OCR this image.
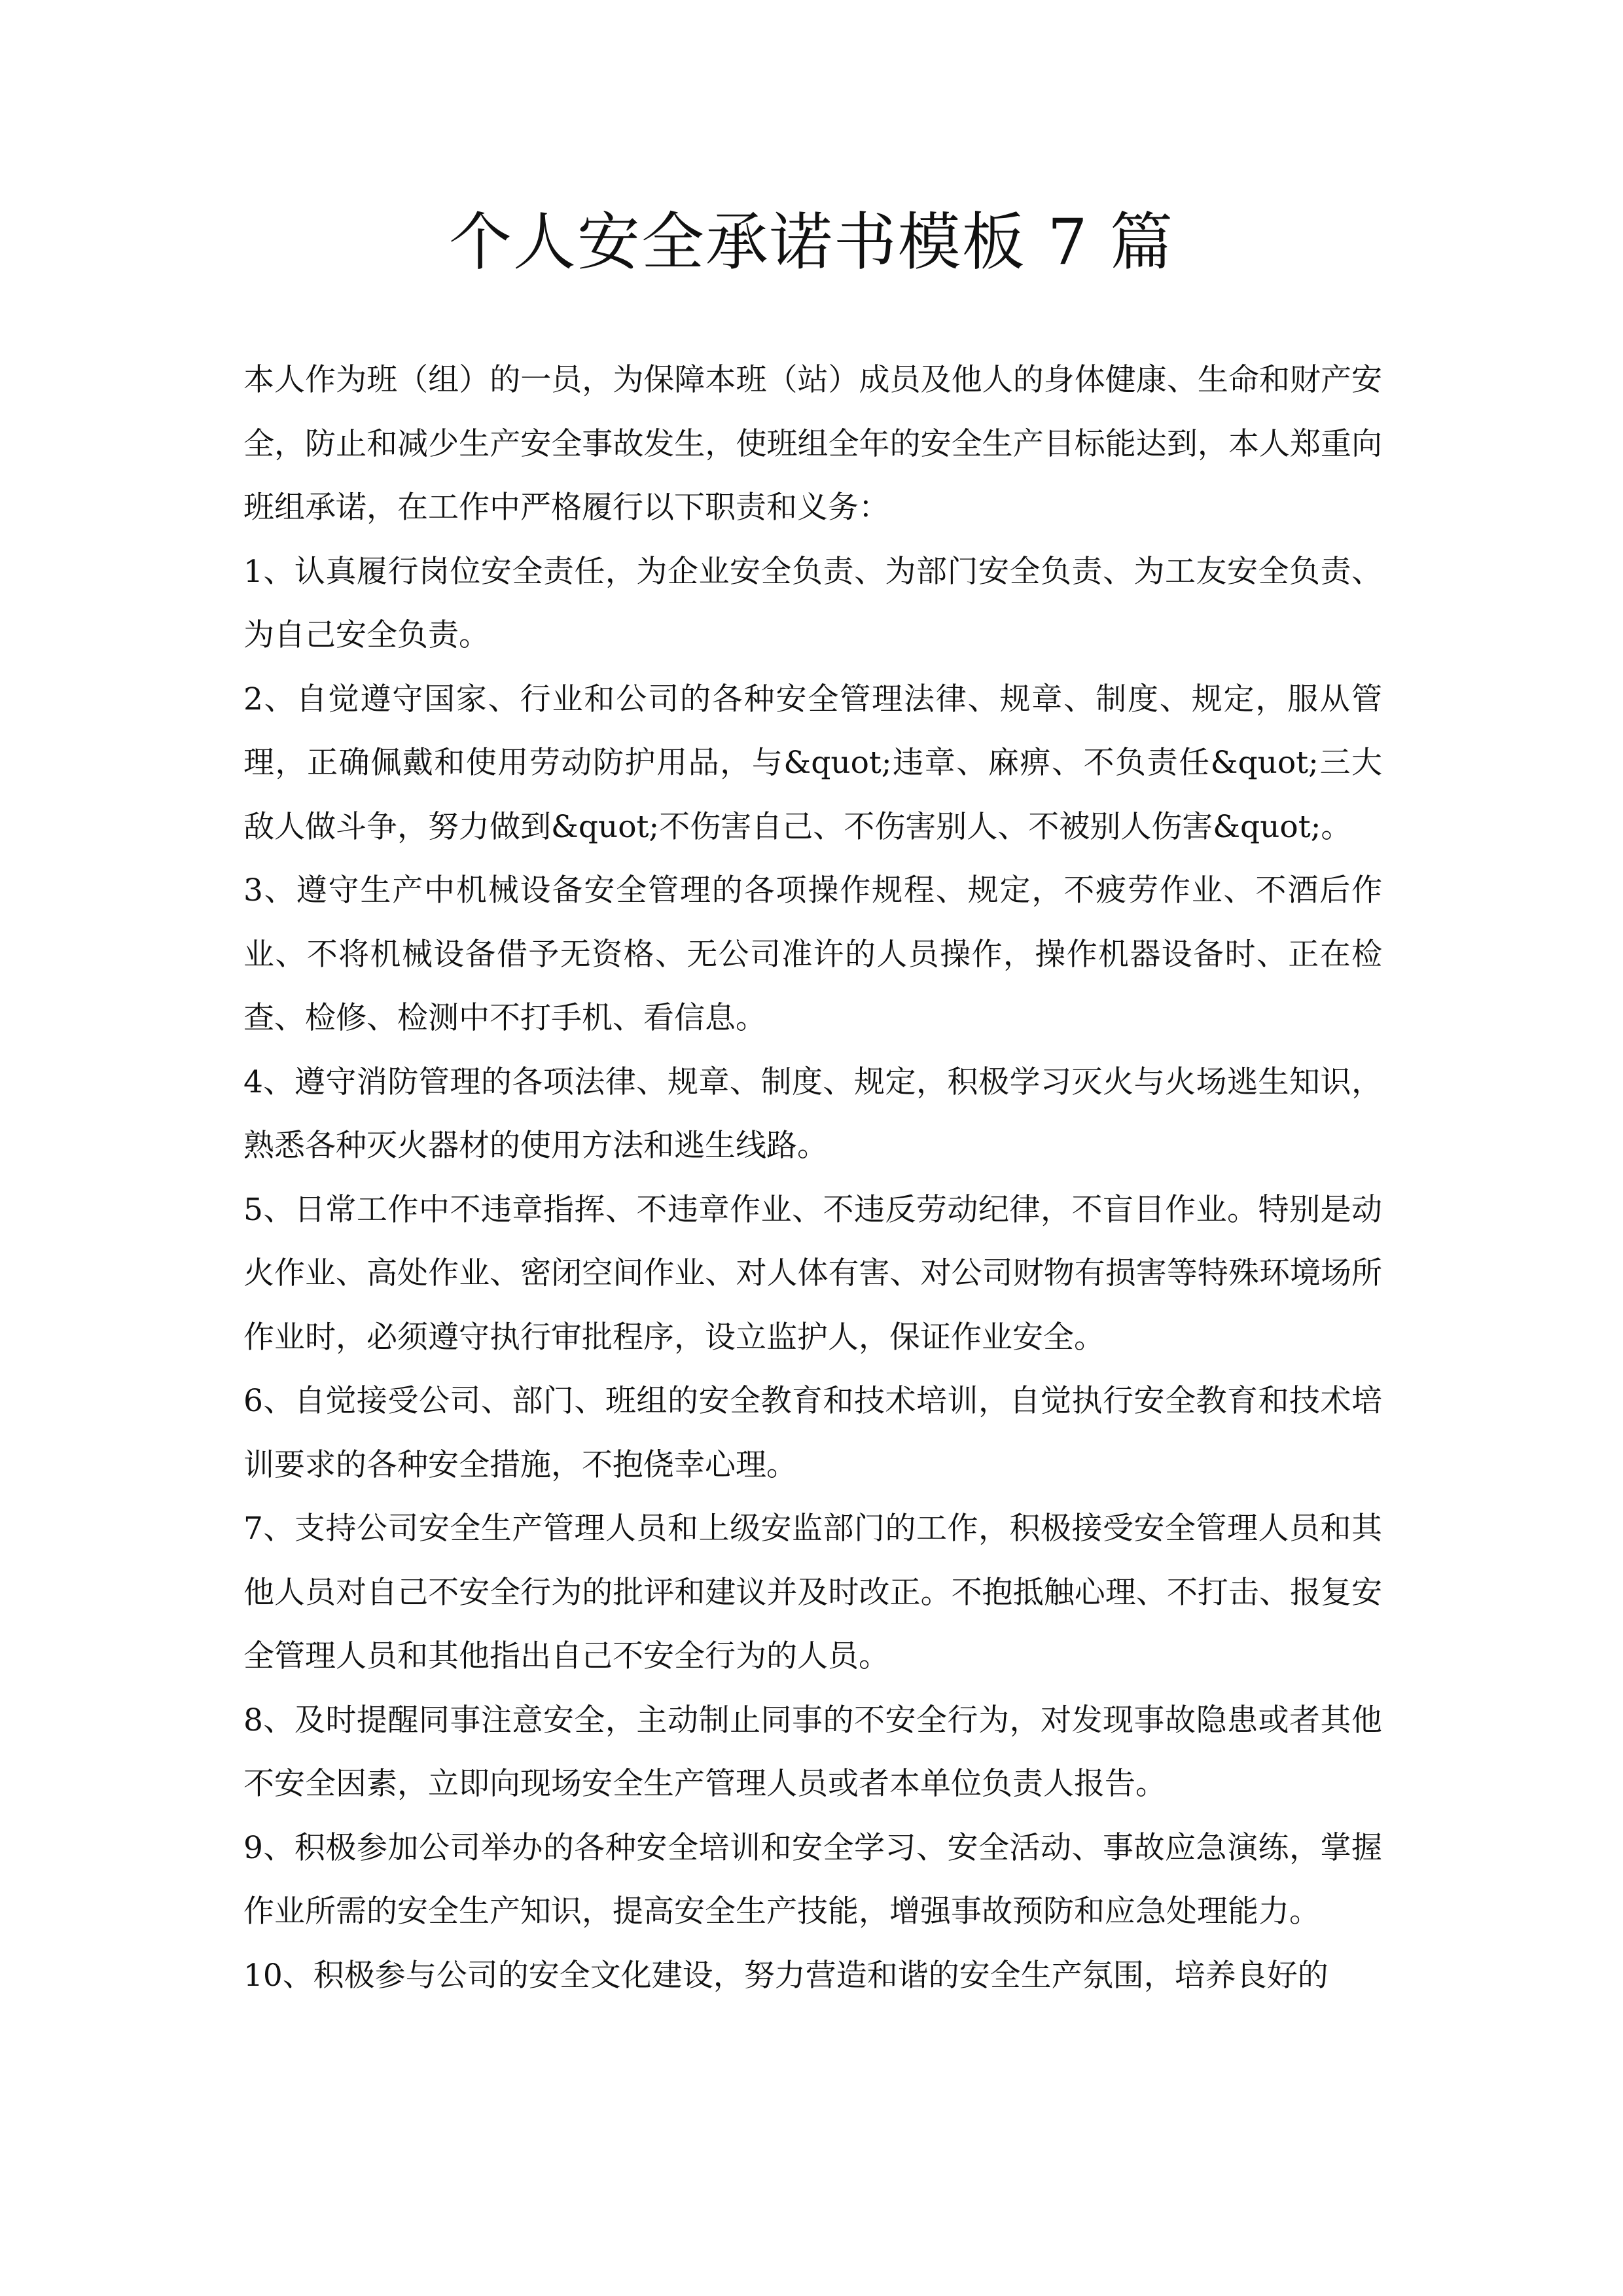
个人安全承诺书模板 7 篇

本人作为班（组）的一员，为保障本班（站）成员及他人的身体健康、生命和财产安全，防止和减少生产安全事故发生，使班组全年的安全生产目标能达到，本人郑重向班组承诺，在工作中严格履行以下职责和义务：

1、认真履行岗位安全责任，为企业安全负责、为部门安全负责、为工友安全负责、为自己安全负责。

2、自觉遵守国家、行业和公司的各种安全管理法律、规章、制度、规定，服从管理，正确佩戴和使用劳动防护用品，与&quot;违章、麻痹、不负责任&quot;三大敌人做斗争，努力做到&quot;不伤害自己、不伤害别人、不被别人伤害&quot;。

3、遵守生产中机械设备安全管理的各项操作规程、规定，不疲劳作业、不酒后作业、不将机械设备借予无资格、无公司准许的人员操作，操作机器设备时、正在检查、检修、检测中不打手机、看信息。

4、遵守消防管理的各项法律、规章、制度、规定，积极学习灭火与火场逃生知识，熟悉各种灭火器材的使用方法和逃生线路。

5、日常工作中不违章指挥、不违章作业、不违反劳动纪律，不盲目作业。特别是动火作业、高处作业、密闭空间作业、对人体有害、对公司财物有损害等特殊环境场所作业时，必须遵守执行审批程序，设立监护人，保证作业安全。

6、自觉接受公司、部门、班组的安全教育和技术培训，自觉执行安全教育和技术培训要求的各种安全措施，不抱侥幸心理。

7、支持公司安全生产管理人员和上级安监部门的工作，积极接受安全管理人员和其他人员对自己不安全行为的批评和建议并及时改正。不抱抵触心理、不打击、报复安全管理人员和其他指出自己不安全行为的人员。

8、及时提醒同事注意安全，主动制止同事的不安全行为，对发现事故隐患或者其他不安全因素，立即向现场安全生产管理人员或者本单位负责人报告。

9、积极参加公司举办的各种安全培训和安全学习、安全活动、事故应急演练，掌握作业所需的安全生产知识，提高安全生产技能，增强事故预防和应急处理能力。

10、积极参与公司的安全文化建设，努力营造和谐的安全生产氛围，培养良好的
